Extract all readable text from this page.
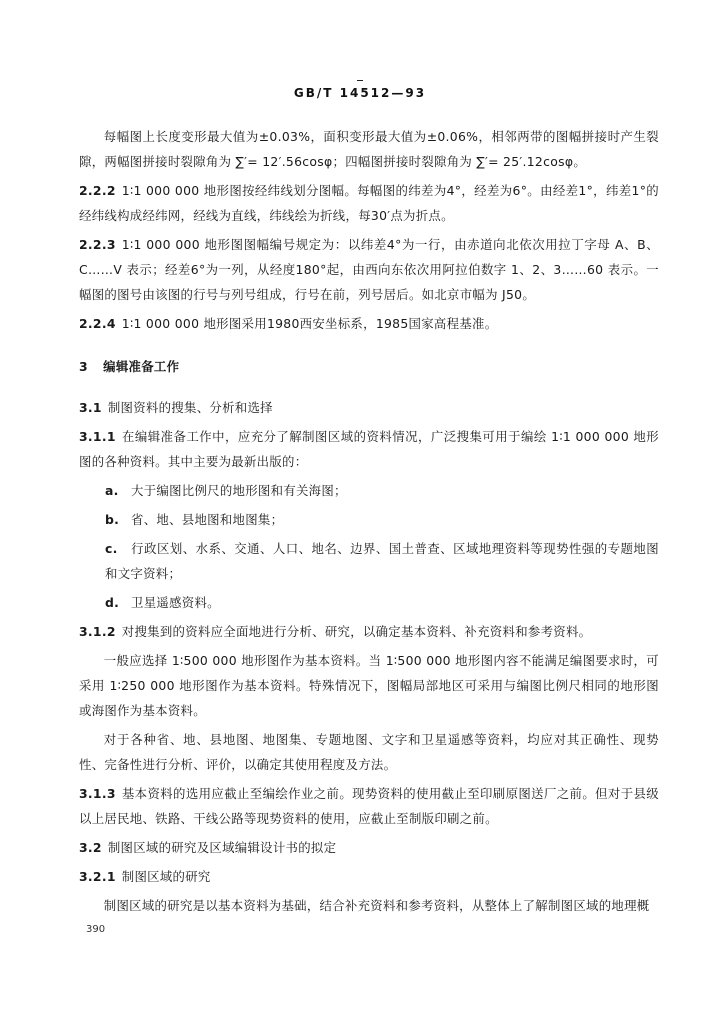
GB/T 14512—93

每幅图上长度变形最大值为±0.03%，面积变形最大值为±0.06%，相邻两带的图幅拼接时产生裂隙，两幅图拼接时裂隙角为 ∑′= 12′.56cosφ；四幅图拼接时裂隙角为 ∑′= 25′.12cosφ。

2.2.2 1∶1 000 000 地形图按经纬线划分图幅。每幅图的纬差为4°，经差为6°。由经差1°，纬差1°的经纬线构成经纬网，经线为直线，纬线绘为折线，每30′点为折点。

2.2.3 1∶1 000 000 地形图图幅编号规定为：以纬差4°为一行，由赤道向北依次用拉丁字母 A、B、C……V 表示；经差6°为一列，从经度180°起，由西向东依次用阿拉伯数字 1、2、3……60 表示。一幅图的图号由该图的行号与列号组成，行号在前，列号居后。如北京市幅为 J50。

2.2.4 1∶1 000 000 地形图采用1980西安坐标系，1985国家高程基准。

3 编辑准备工作

3.1 制图资料的搜集、分析和选择

3.1.1 在编辑准备工作中，应充分了解制图区域的资料情况，广泛搜集可用于编绘 1∶1 000 000 地形图的各种资料。其中主要为最新出版的：

a. 大于编图比例尺的地形图和有关海图；

b. 省、地、县地图和地图集；

c. 行政区划、水系、交通、人口、地名、边界、国土普查、区域地理资料等现势性强的专题地图和文字资料；

d. 卫星遥感资料。

3.1.2 对搜集到的资料应全面地进行分析、研究，以确定基本资料、补充资料和参考资料。

一般应选择 1∶500 000 地形图作为基本资料。当 1∶500 000 地形图内容不能满足编图要求时，可采用 1∶250 000 地形图作为基本资料。特殊情况下，图幅局部地区可采用与编图比例尺相同的地形图或海图作为基本资料。

对于各种省、地、县地图、地图集、专题地图、文字和卫星遥感等资料，均应对其正确性、现势性、完备性进行分析、评价，以确定其使用程度及方法。

3.1.3 基本资料的选用应截止至编绘作业之前。现势资料的使用截止至印刷原图送厂之前。但对于县级以上居民地、铁路、干线公路等现势资料的使用，应截止至制版印刷之前。

3.2 制图区域的研究及区域编辑设计书的拟定

3.2.1 制图区域的研究

制图区域的研究是以基本资料为基础，结合补充资料和参考资料，从整体上了解制图区域的地理概

390
